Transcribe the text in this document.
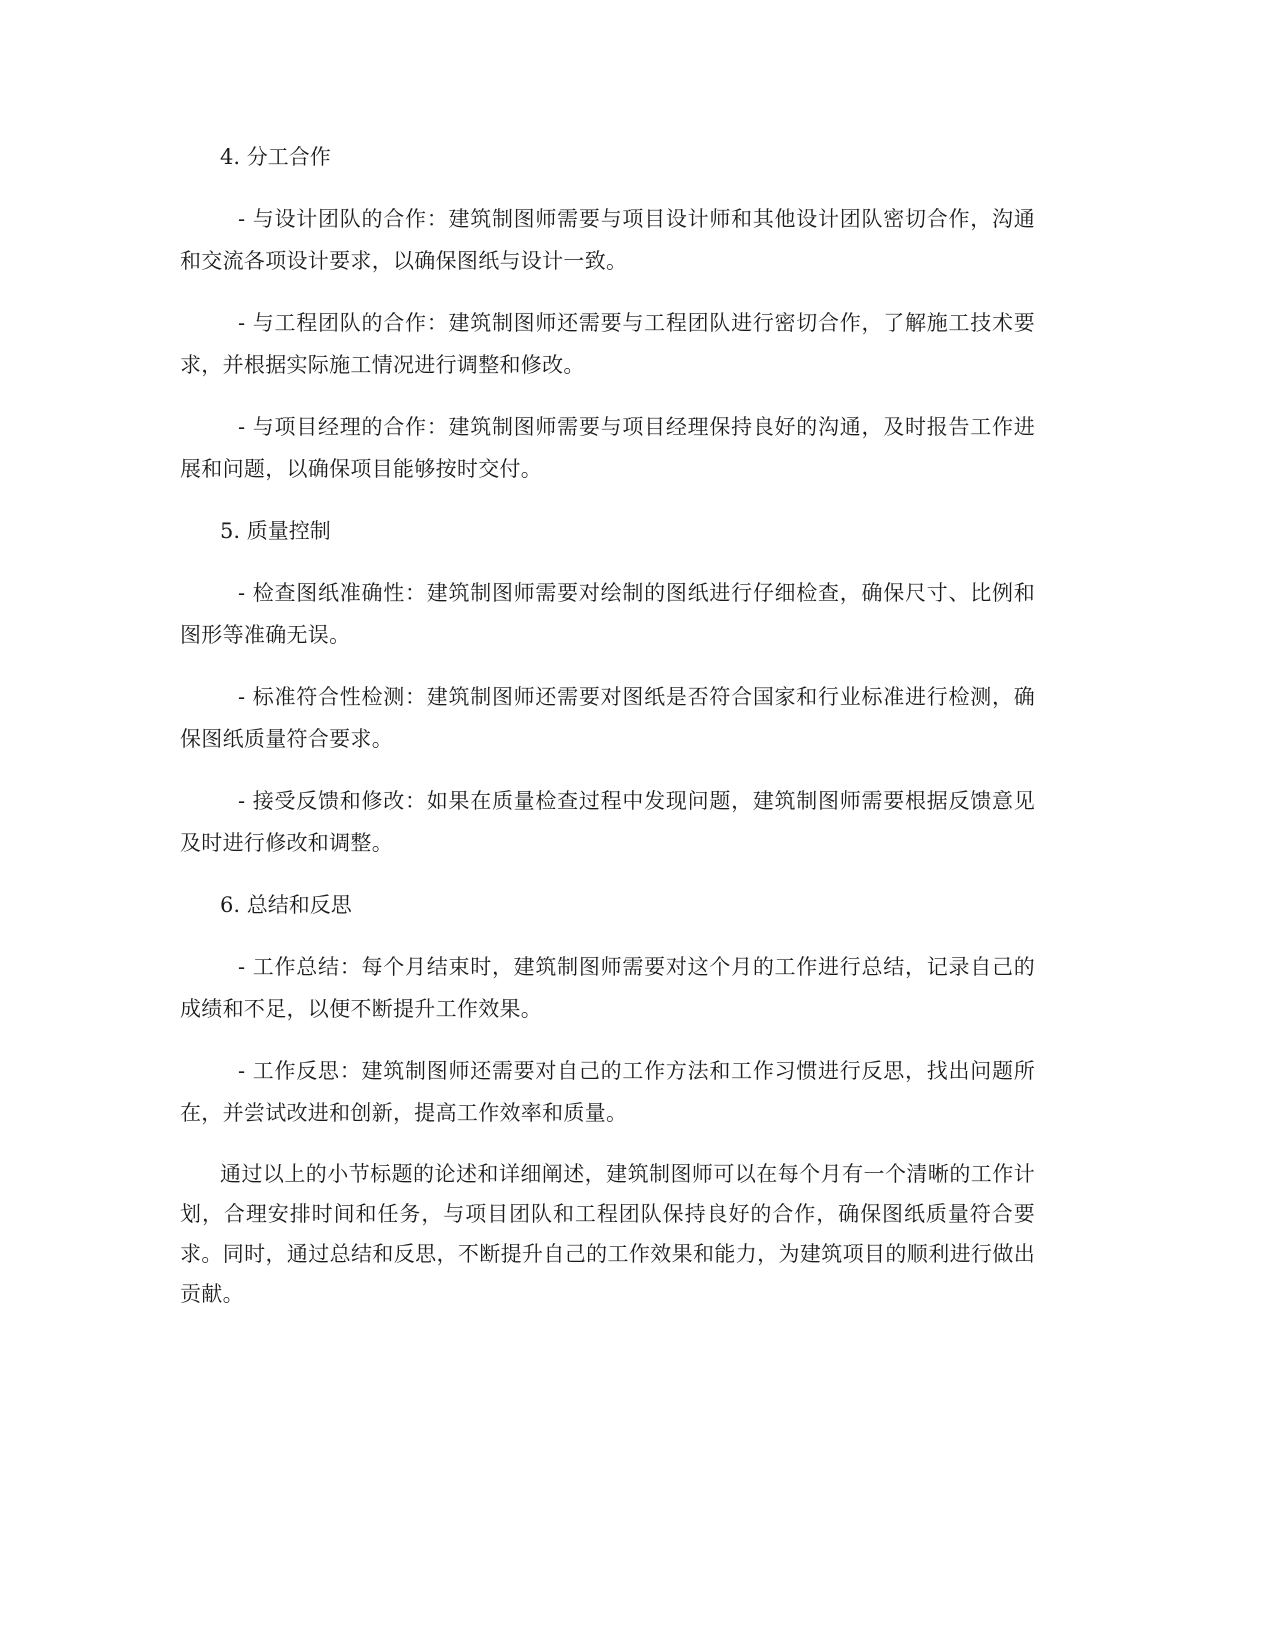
4. 分工合作

- 与设计团队的合作：建筑制图师需要与项目设计师和其他设计团队密切合作，沟通和交流各项设计要求，以确保图纸与设计一致。

- 与工程团队的合作：建筑制图师还需要与工程团队进行密切合作，了解施工技术要求，并根据实际施工情况进行调整和修改。

- 与项目经理的合作：建筑制图师需要与项目经理保持良好的沟通，及时报告工作进展和问题，以确保项目能够按时交付。

5. 质量控制

- 检查图纸准确性：建筑制图师需要对绘制的图纸进行仔细检查，确保尺寸、比例和图形等准确无误。

- 标准符合性检测：建筑制图师还需要对图纸是否符合国家和行业标准进行检测，确保图纸质量符合要求。

- 接受反馈和修改：如果在质量检查过程中发现问题，建筑制图师需要根据反馈意见及时进行修改和调整。

6. 总结和反思

- 工作总结：每个月结束时，建筑制图师需要对这个月的工作进行总结，记录自己的成绩和不足，以便不断提升工作效果。

- 工作反思：建筑制图师还需要对自己的工作方法和工作习惯进行反思，找出问题所在，并尝试改进和创新，提高工作效率和质量。

通过以上的小节标题的论述和详细阐述，建筑制图师可以在每个月有一个清晰的工作计划，合理安排时间和任务，与项目团队和工程团队保持良好的合作，确保图纸质量符合要求。同时，通过总结和反思，不断提升自己的工作效果和能力，为建筑项目的顺利进行做出贡献。
